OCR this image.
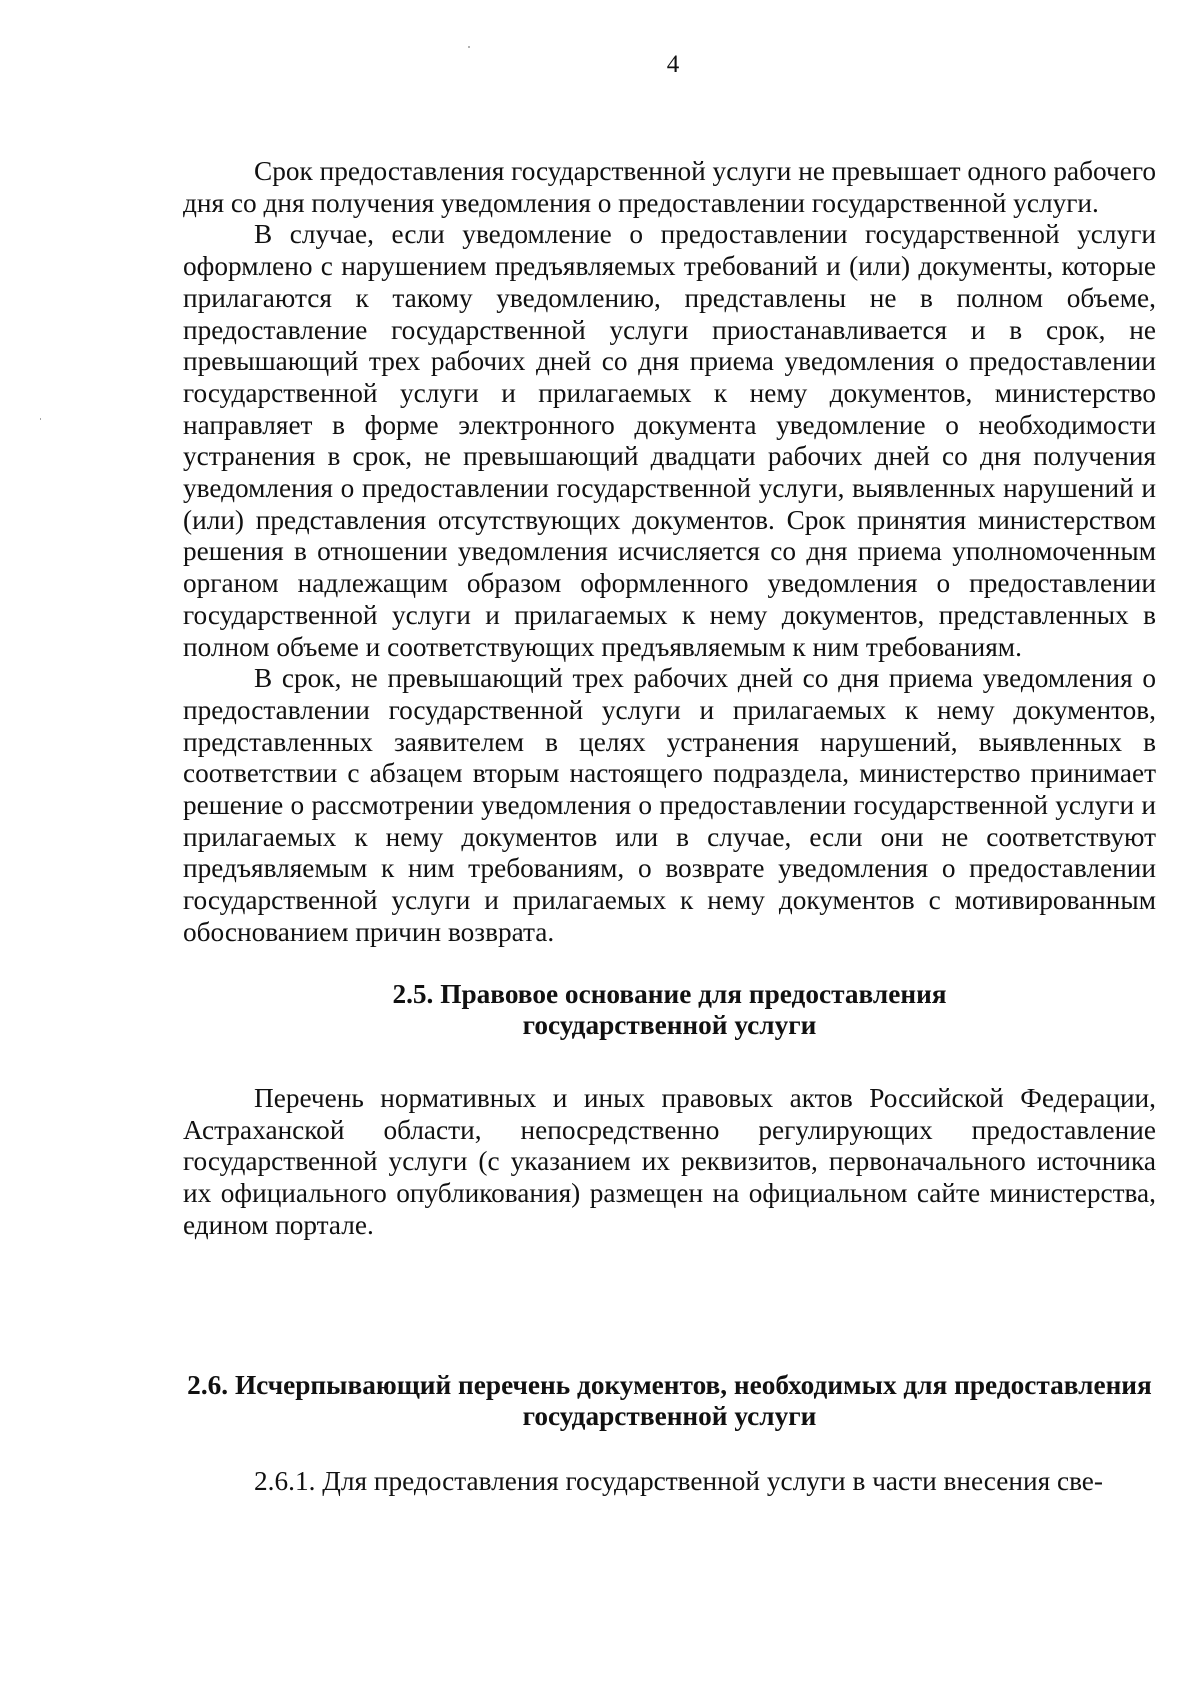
4

Срок предоставления государственной услуги не превышает одного рабочего дня со дня получения уведомления о предоставлении государственной услуги.

В случае, если уведомление о предоставлении государственной услуги оформлено с нарушением предъявляемых требований и (или) документы, которые прилагаются к такому уведомлению, представлены не в полном объеме, предоставление государственной услуги приостанавливается и в срок, не превышающий трех рабочих дней со дня приема уведомления о предоставлении государственной услуги и прилагаемых к нему документов, министерство направляет в форме электронного документа уведомление о необходимости устранения в срок, не превышающий двадцати рабочих дней со дня получения уведомления о предоставлении государственной услуги, выявленных нарушений и (или) представления отсутствующих документов. Срок принятия министерством решения в отношении уведомления исчисляется со дня приема уполномоченным органом надлежащим образом оформленного уведомления о предоставлении государственной услуги и прилагаемых к нему документов, представленных в полном объеме и соответствующих предъявляемым к ним требованиям.

В срок, не превышающий трех рабочих дней со дня приема уведомления о предоставлении государственной услуги и прилагаемых к нему документов, представленных заявителем в целях устранения нарушений, выявленных в соответствии с абзацем вторым настоящего подраздела, министерство принимает решение о рассмотрении уведомления о предоставлении государственной услуги и прилагаемых к нему документов или в случае, если они не соответствуют предъявляемым к ним требованиям, о возврате уведомления о предоставлении государственной услуги и прилагаемых к нему документов с мотивированным обоснованием причин возврата.

2.5. Правовое основание для предоставления
государственной услуги

Перечень нормативных и иных правовых актов Российской Федерации, Астраханской области, непосредственно регулирующих предоставление государственной услуги (с указанием их реквизитов, первоначального источника их официального опубликования) размещен на официальном сайте министерства, едином портале.

2.6. Исчерпывающий перечень документов, необходимых для предоставления
государственной услуги

2.6.1. Для предоставления государственной услуги в части внесения све-
